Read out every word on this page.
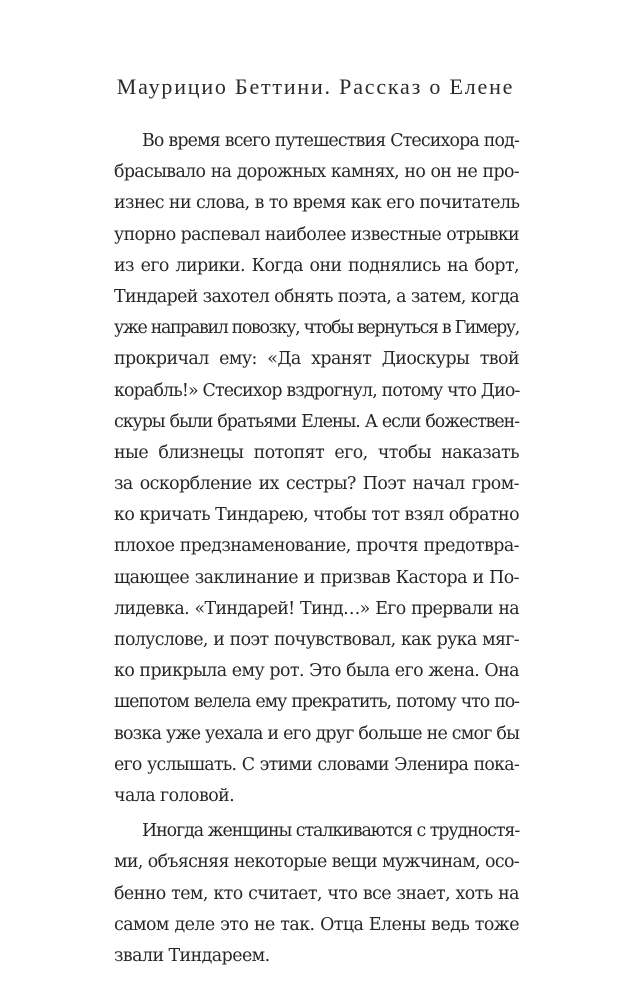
Маурицио Беттини. Рассказ о Елене
Во время всего путешествия Стесихора под-
брасывало на дорожных камнях, но он не про-
изнес ни слова, в то время как его почитатель
упорно распевал наиболее известные отрывки
из его лирики. Когда они поднялись на борт,
Тиндарей захотел обнять поэта, а затем, когда
уже направил повозку, чтобы вернуться в Гимеру,
прокричал ему: «Да хранят Диоскуры твой
корабль!» Стесихор вздрогнул, потому что Дио-
скуры были братьями Елены. А если божествен-
ные близнецы потопят его, чтобы наказать
за оскорбление их сестры? Поэт начал гром-
ко кричать Тиндарею, чтобы тот взял обратно
плохое предзнаменование, прочтя предотвра-
щающее заклинание и призвав Кастора и По-
лидевка. «Тиндарей! Тинд…» Его прервали на
полуслове, и поэт почувствовал, как рука мяг-
ко прикрыла ему рот. Это была его жена. Она
шепотом велела ему прекратить, потому что по-
возка уже уехала и его друг больше не смог бы
его услышать. С этими словами Эленира пока-
чала головой.
Иногда женщины сталкиваются с трудностя-
ми, объясняя некоторые вещи мужчинам, осо-
бенно тем, кто считает, что все знает, хоть на
самом деле это не так. Отца Елены ведь тоже
звали Тиндареем.
